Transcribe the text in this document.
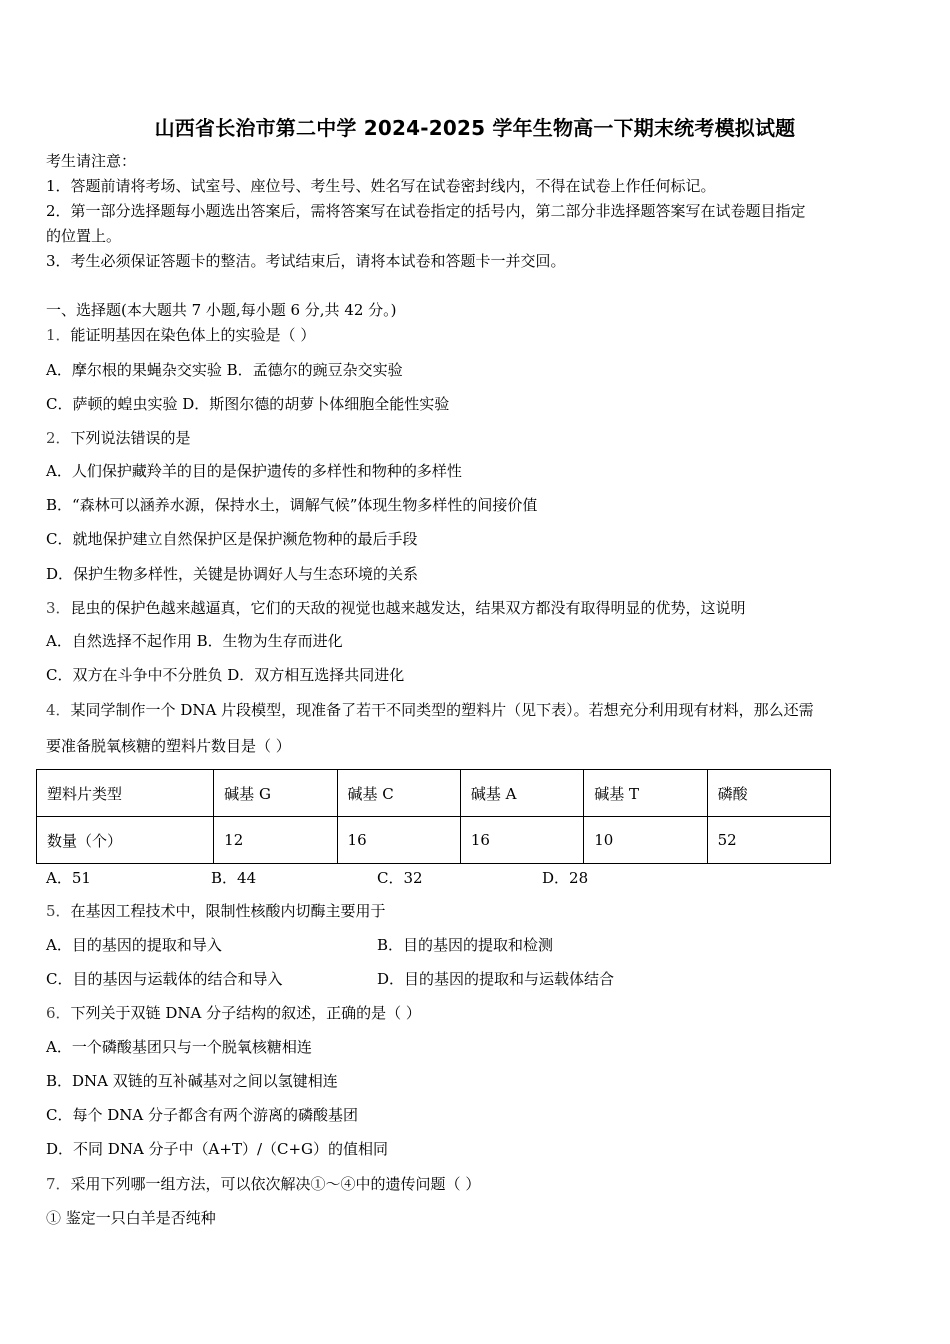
山西省长治市第二中学 2024-2025 学年生物高一下期末统考模拟试题
考生请注意：
1．答题前请将考场、试室号、座位号、考生号、姓名写在试卷密封线内，不得在试卷上作任何标记。
2．第一部分选择题每小题选出答案后，需将答案写在试卷指定的括号内，第二部分非选择题答案写在试卷题目指定
的位置上。
3．考生必须保证答题卡的整洁。考试结束后，请将本试卷和答题卡一并交回。
一、选择题(本大题共 7 小题,每小题 6 分,共 42 分。)
1．能证明基因在染色体上的实验是（ ）
A．摩尔根的果蝇杂交实验 B．孟德尔的豌豆杂交实验
C．萨顿的蝗虫实验 D．斯图尔德的胡萝卜体细胞全能性实验
2．下列说法错误的是
A．人们保护藏羚羊的目的是保护遗传的多样性和物种的多样性
B．“森林可以涵养水源，保持水土，调解气候”体现生物多样性的间接价值
C．就地保护建立自然保护区是保护濒危物种的最后手段
D．保护生物多样性，关键是协调好人与生态环境的关系
3．昆虫的保护色越来越逼真，它们的天敌的视觉也越来越发达，结果双方都没有取得明显的优势，这说明
A．自然选择不起作用 B．生物为生存而进化
C．双方在斗争中不分胜负 D．双方相互选择共同进化
4．某同学制作一个 DNA 片段模型，现准备了若干不同类型的塑料片（见下表）。若想充分利用现有材料，那么还需
要准备脱氧核糖的塑料片数目是（ ）
塑料片类型	碱基 G	碱基 C	碱基 A	碱基 T	磷酸
数量（个）	12	16	16	10	52
A．51	B．44	C．32	D．28
5．在基因工程技术中，限制性核酸内切酶主要用于
A．目的基因的提取和导入	B．目的基因的提取和检测
C．目的基因与运载体的结合和导入	D．目的基因的提取和与运载体结合
6．下列关于双链 DNA 分子结构的叙述，正确的是（ ）
A．一个磷酸基团只与一个脱氧核糖相连
B．DNA 双链的互补碱基对之间以氢键相连
C．每个 DNA 分子都含有两个游离的磷酸基团
D．不同 DNA 分子中（A+T）/（C+G）的值相同
7．采用下列哪一组方法，可以依次解决①～④中的遗传问题（ ）
① 鉴定一只白羊是否纯种
